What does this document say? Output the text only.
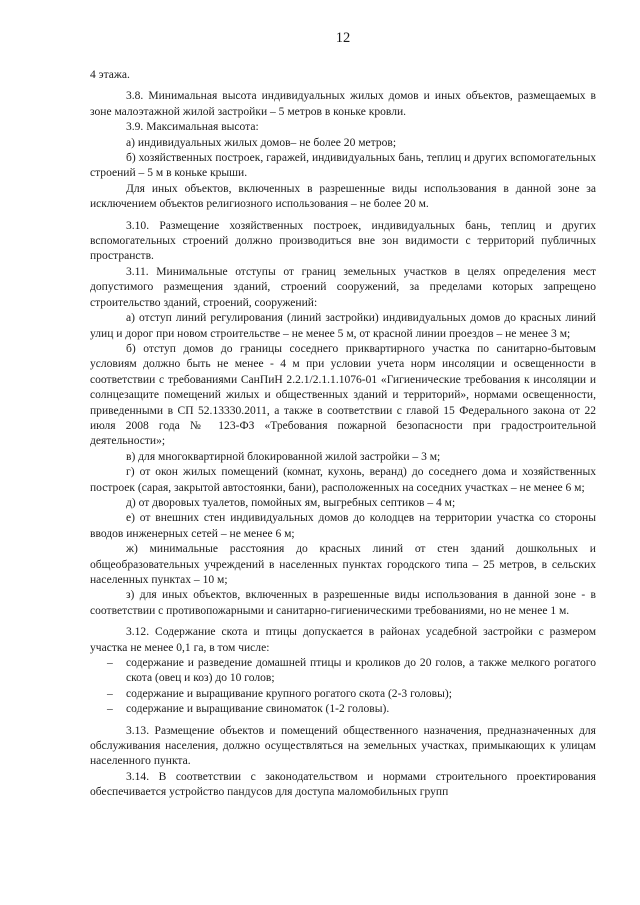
12

4 этажа.

3.8. Минимальная высота индивидуальных жилых домов и иных объектов, размещаемых в зоне малоэтажной жилой застройки – 5 метров в коньке кровли.

3.9. Максимальная высота:

а) индивидуальных жилых домов– не более 20 метров;

б) хозяйственных построек, гаражей, индивидуальных бань, теплиц и других вспомогательных строений – 5 м в коньке крыши.

Для иных объектов, включенных в разрешенные виды использования в данной зоне за исключением объектов религиозного использования – не более 20 м.

3.10. Размещение хозяйственных построек, индивидуальных бань, теплиц и других вспомогательных строений должно производиться вне зон видимости с территорий публичных пространств.

3.11. Минимальные отступы от границ земельных участков в целях определения мест допустимого размещения зданий, строений сооружений, за пределами которых запрещено строительство зданий, строений, сооружений:

а) отступ линий регулирования (линий застройки) индивидуальных домов до красных линий улиц и дорог при новом строительстве – не менее 5 м, от красной линии проездов – не менее 3 м;

б) отступ домов до границы соседнего приквартирного участка по санитарно-бытовым условиям должно быть не менее - 4 м при условии учета норм инсоляции и освещенности в соответствии с требованиями СанПиН 2.2.1/2.1.1.1076-01 «Гигиенические требования к инсоляции и солнцезащите помещений жилых и общественных зданий и территорий», нормами освещенности, приведенными в СП 52.13330.2011, а также в соответствии с главой 15 Федерального закона от 22 июля 2008 года № 123-ФЗ «Требования пожарной безопасности при градостроительной деятельности»;

в) для многоквартирной блокированной жилой застройки – 3 м;

г) от окон жилых помещений (комнат, кухонь, веранд) до соседнего дома и хозяйственных построек (сарая, закрытой автостоянки, бани), расположенных на соседних участках – не менее 6 м;

д) от дворовых туалетов, помойных ям, выгребных септиков – 4 м;

е) от внешних стен индивидуальных домов до колодцев на территории участка со стороны вводов инженерных сетей – не менее 6 м;

ж) минимальные расстояния до красных линий от стен зданий дошкольных и общеобразовательных учреждений в населенных пунктах городского типа – 25 метров, в сельских населенных пунктах – 10 м;

з) для иных объектов, включенных в разрешенные виды использования в данной зоне - в соответствии с противопожарными и санитарно-гигиеническими требованиями, но не менее 1 м.

3.12. Содержание скота и птицы допускается в районах усадебной застройки с размером участка не менее 0,1 га, в том числе:

– содержание и разведение домашней птицы и кроликов до 20 голов, а также мелкого рогатого скота (овец и коз) до 10 голов;
– содержание и выращивание крупного рогатого скота (2-3 головы);
– содержание и выращивание свиноматок (1-2 головы).

3.13. Размещение объектов и помещений общественного назначения, предназначенных для обслуживания населения, должно осуществляться на земельных участках, примыкающих к улицам населенного пункта.

3.14. В соответствии с законодательством и нормами строительного проектирования обеспечивается устройство пандусов для доступа маломобильных групп
